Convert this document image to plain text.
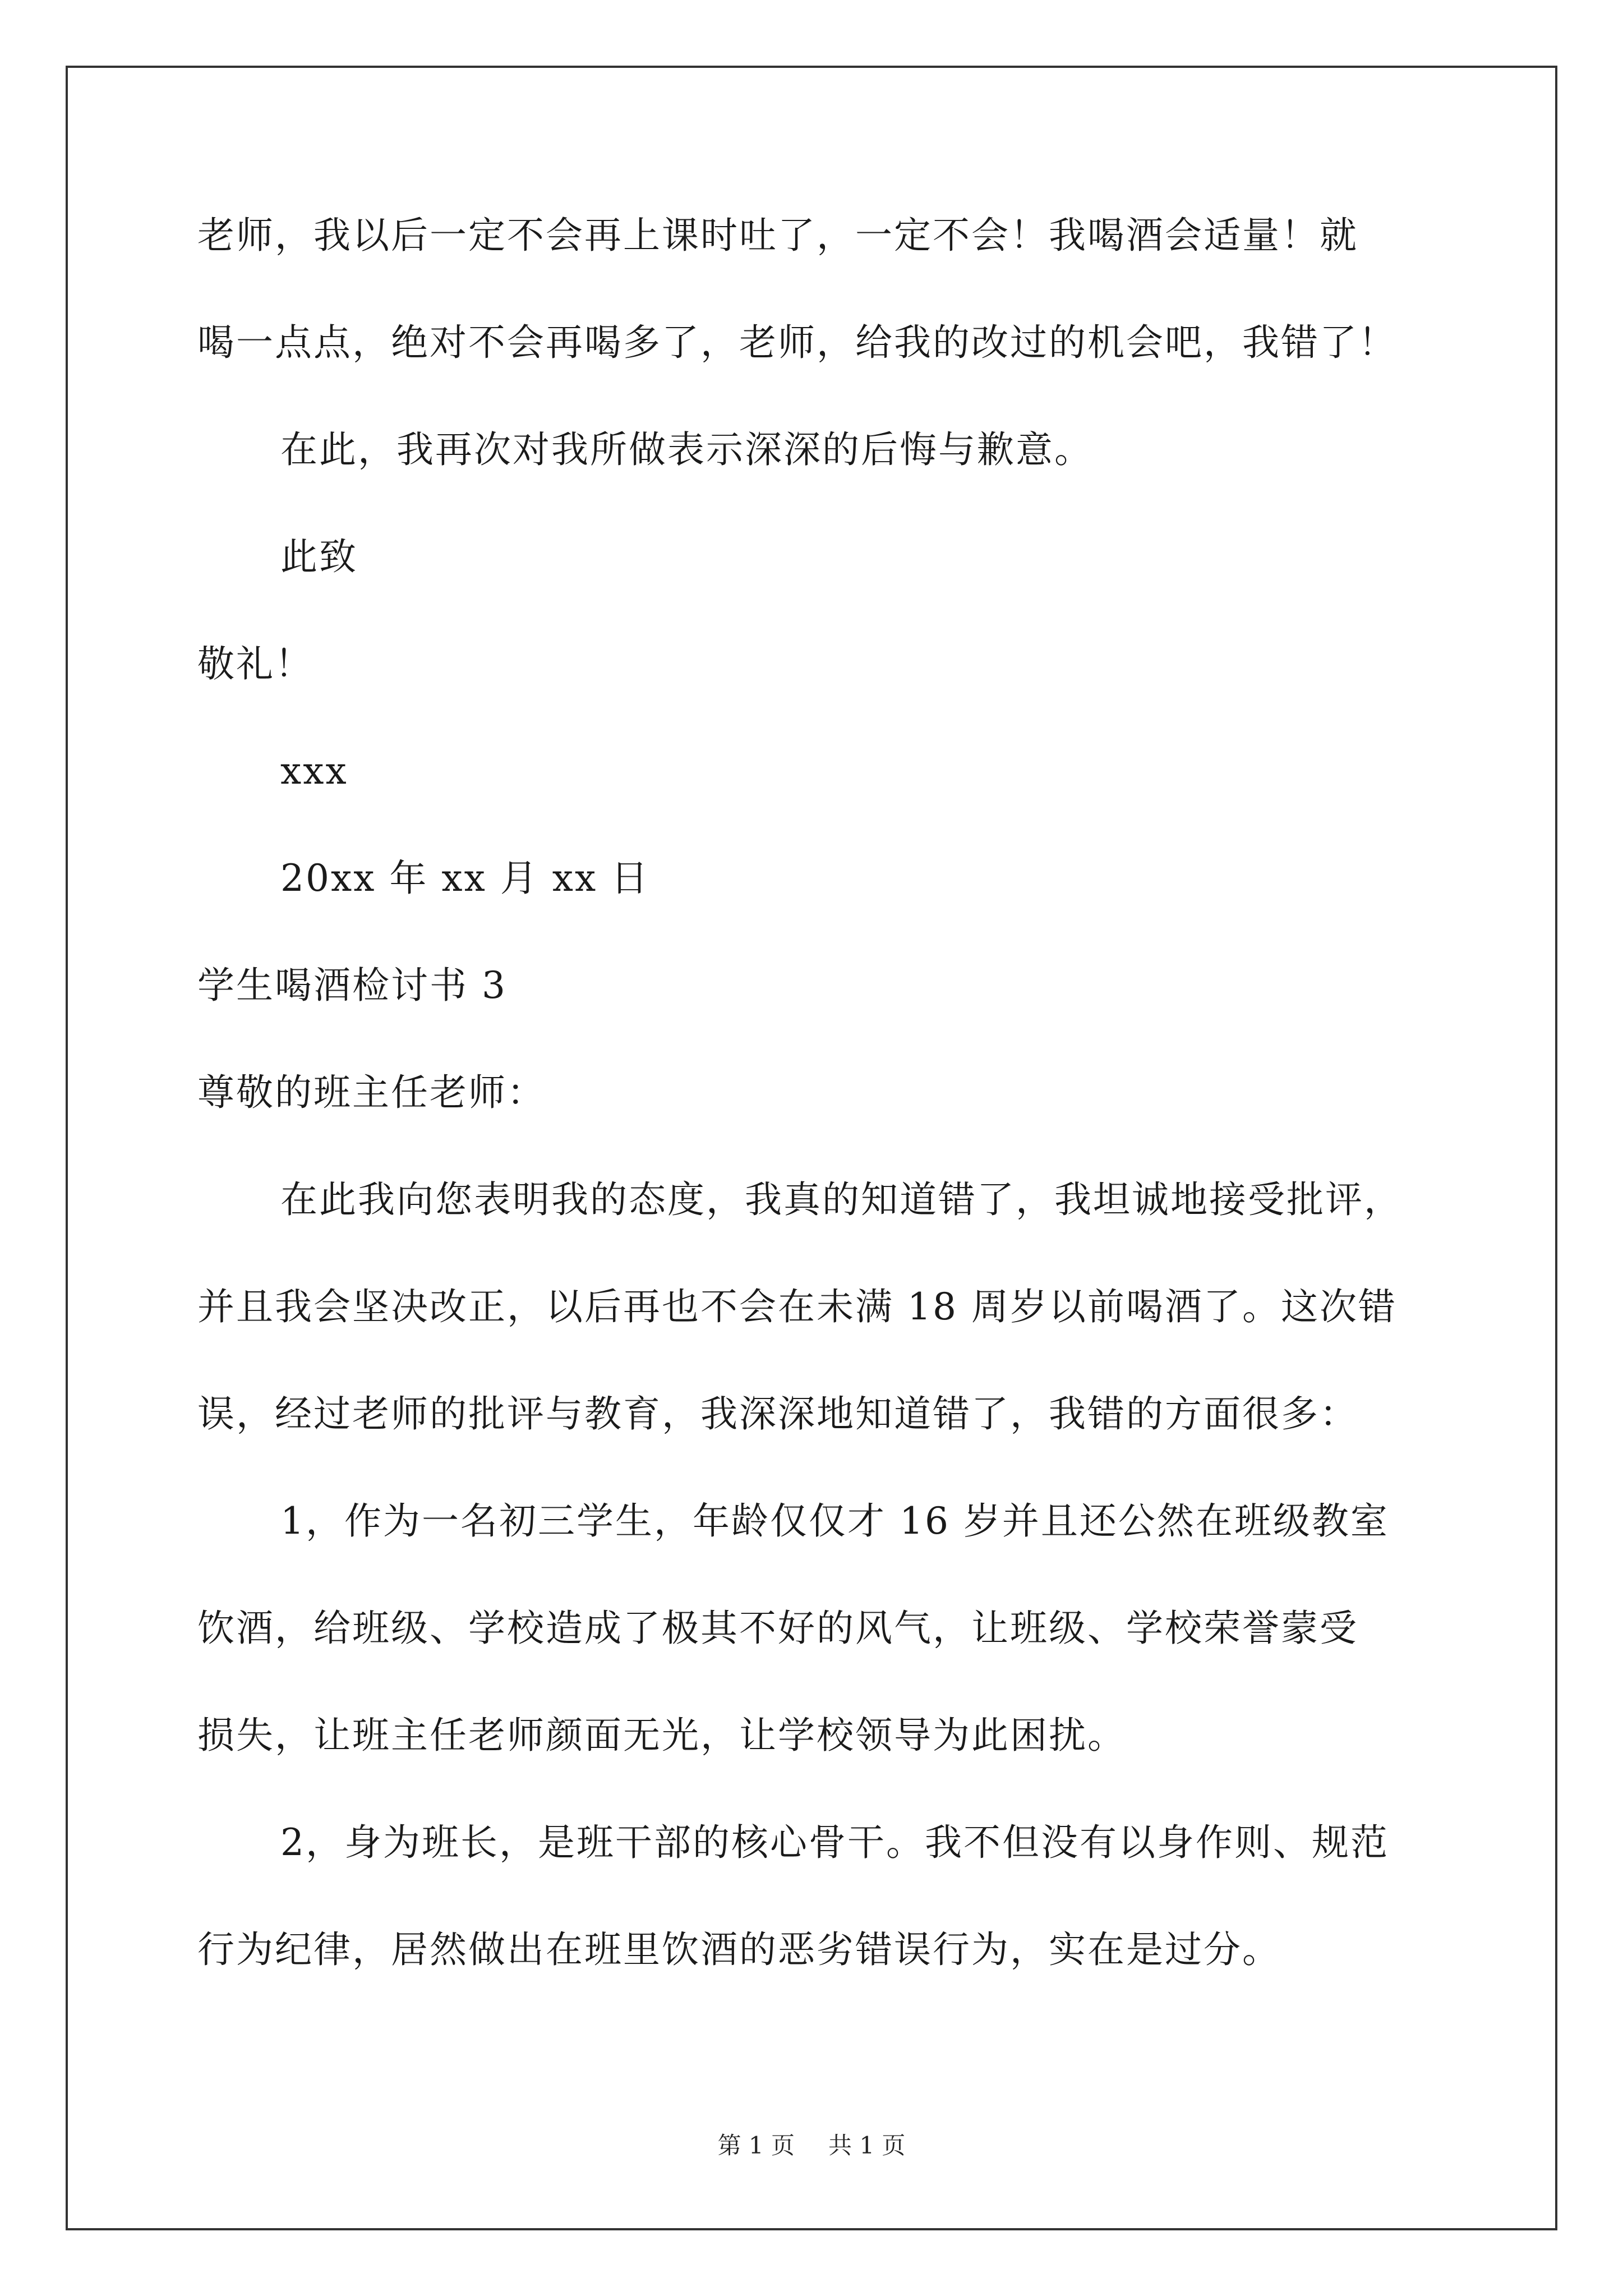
老师，我以后一定不会再上课时吐了，一定不会！我喝酒会适量！就
喝一点点，绝对不会再喝多了，老师，给我的改过的机会吧，我错了！
在此，我再次对我所做表示深深的后悔与歉意。
此致
敬礼！
xxx
20xx 年 xx 月 xx 日
学生喝酒检讨书 3
尊敬的班主任老师：
在此我向您表明我的态度，我真的知道错了，我坦诚地接受批评，
并且我会坚决改正，以后再也不会在未满 18 周岁以前喝酒了。这次错
误，经过老师的批评与教育，我深深地知道错了，我错的方面很多：
1，作为一名初三学生，年龄仅仅才 16 岁并且还公然在班级教室
饮酒，给班级、学校造成了极其不好的风气，让班级、学校荣誉蒙受
损失，让班主任老师颜面无光，让学校领导为此困扰。
2，身为班长，是班干部的核心骨干。我不但没有以身作则、规范
行为纪律，居然做出在班里饮酒的恶劣错误行为，实在是过分。
第 1 页 共 1 页
